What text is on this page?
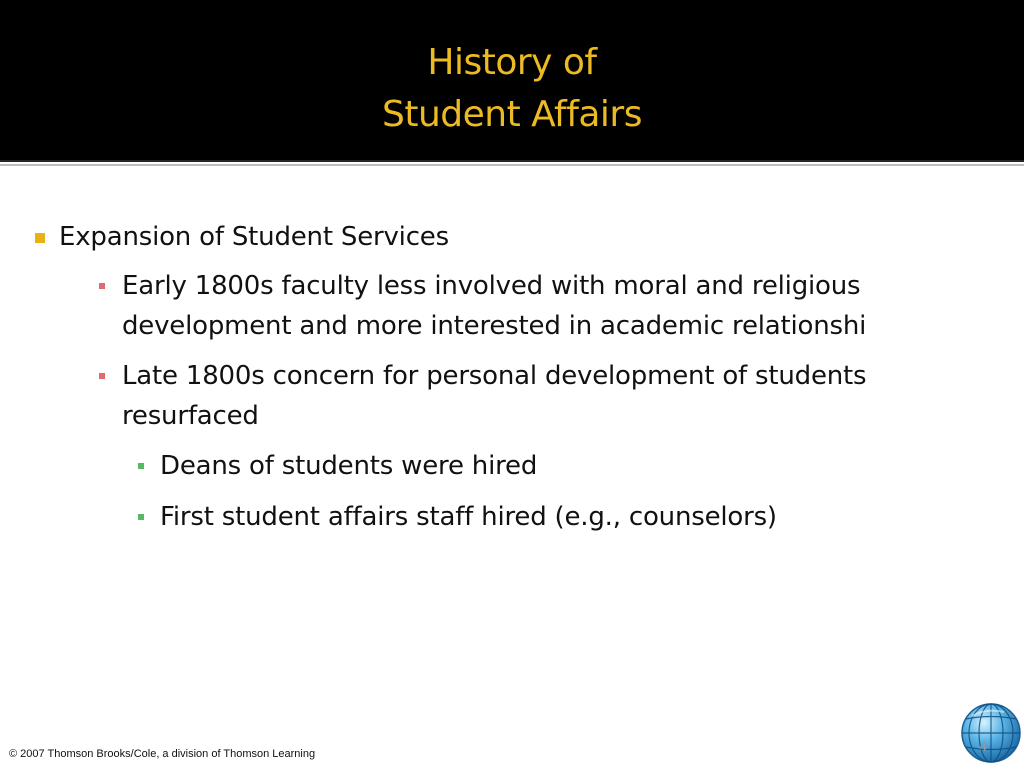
History of
Student Affairs
Expansion of Student Services
Early 1800s faculty less involved with moral and religious development and more interested in academic relationshi
Late 1800s concern for personal development of students resurfaced
Deans of students were hired
First student affairs staff hired (e.g., counselors)
© 2007 Thomson Brooks/Cole, a division of Thomson Learning	4
